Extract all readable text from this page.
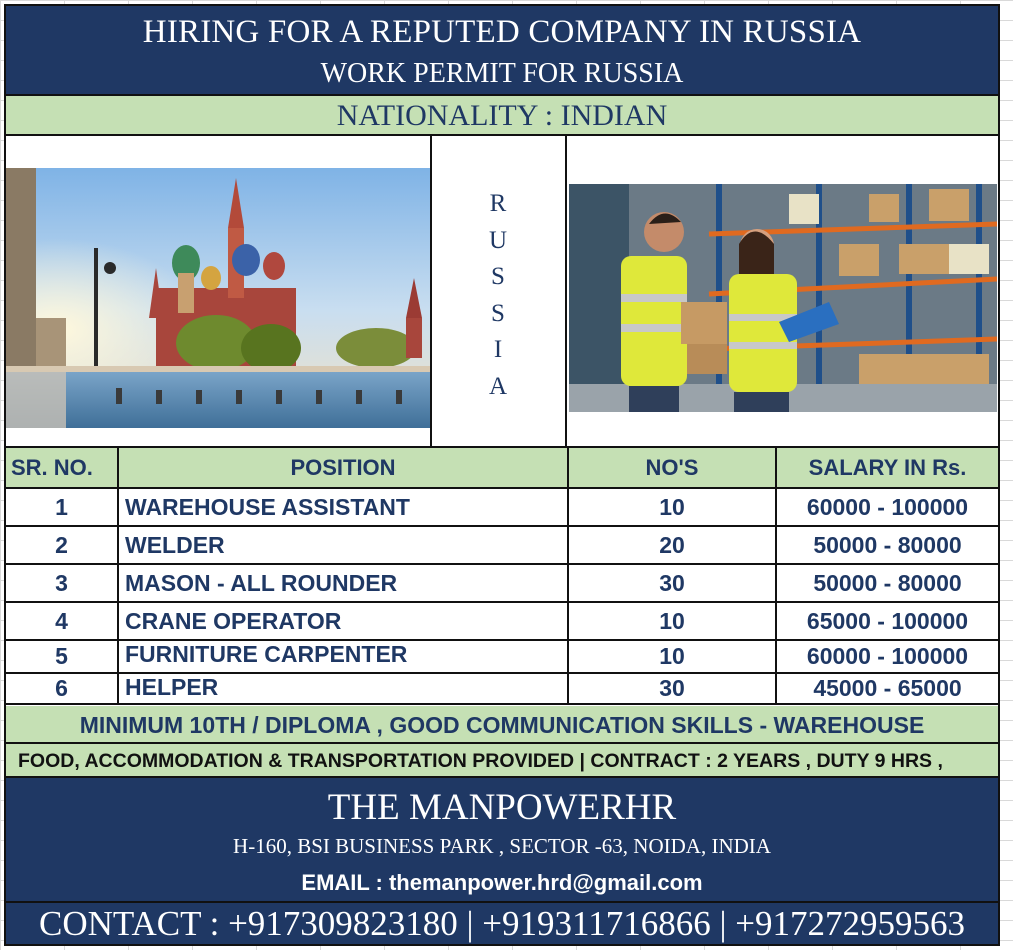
HIRING FOR A REPUTED COMPANY IN RUSSIA
WORK PERMIT FOR RUSSIA
NATIONALITY : INDIAN
R
U
S
S
I
A
SR. NO.	POSITION	NO'S	SALARY IN Rs.
1	WAREHOUSE ASSISTANT	10	60000 - 100000
2	WELDER	20	50000 - 80000
3	MASON - ALL ROUNDER	30	50000 - 80000
4	CRANE OPERATOR	10	65000 - 100000
5	FURNITURE CARPENTER	10	60000 - 100000
6	HELPER	30	45000 - 65000
MINIMUM 10TH / DIPLOMA , GOOD COMMUNICATION SKILLS - WAREHOUSE
FOOD, ACCOMMODATION & TRANSPORTATION PROVIDED | CONTRACT : 2 YEARS , DUTY 9 HRS ,
THE MANPOWERHR
H-160, BSI BUSINESS PARK , SECTOR -63, NOIDA, INDIA
EMAIL : themanpower.hrd@gmail.com
CONTACT : +917309823180 | +919311716866 | +917272959563
